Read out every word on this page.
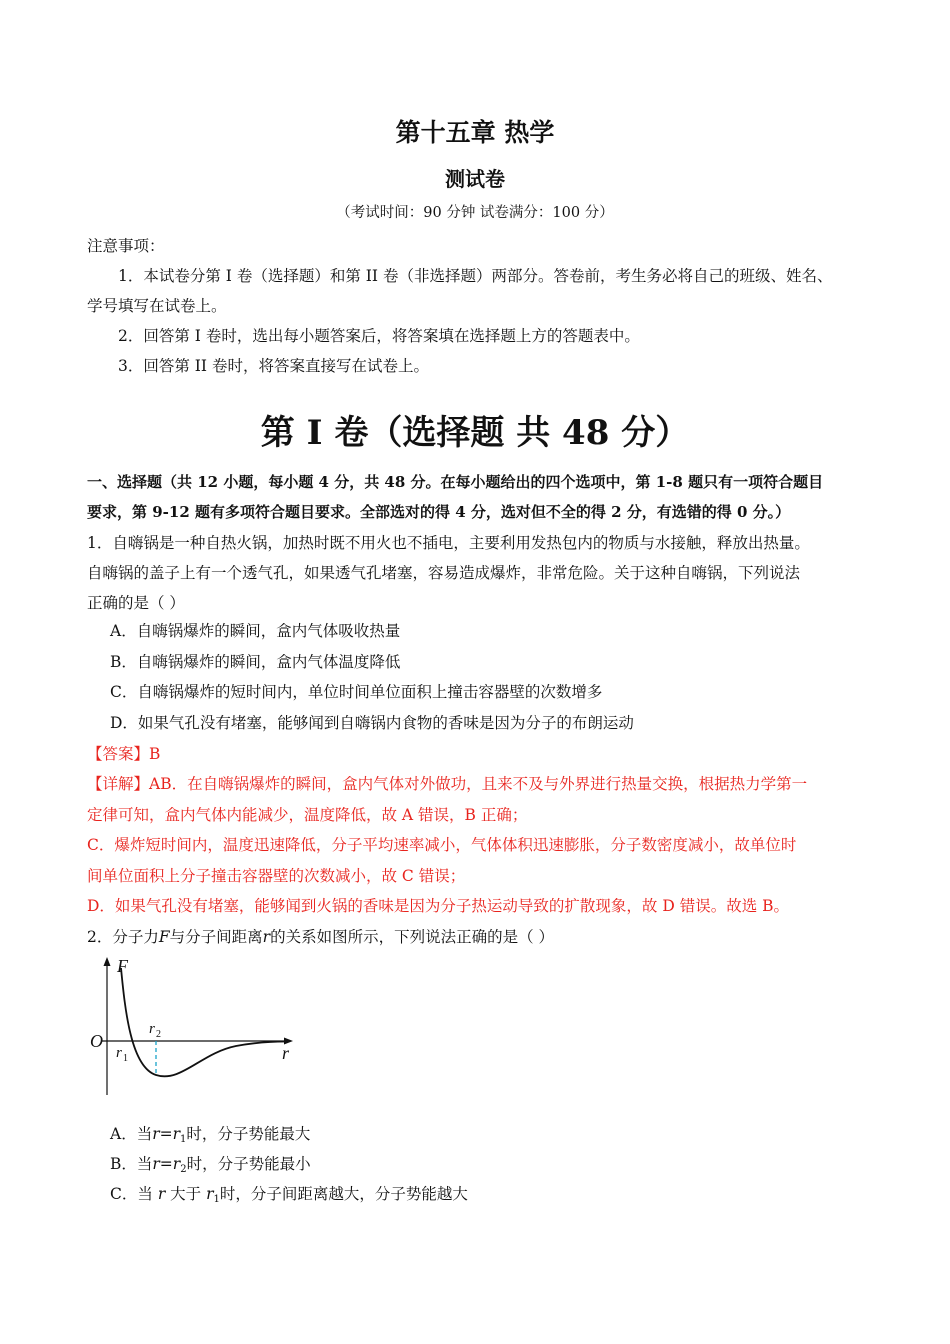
第十五章 热学
测试卷
（考试时间：90 分钟 试卷满分：100 分）
注意事项：
1．本试卷分第 I 卷（选择题）和第 II 卷（非选择题）两部分。答卷前，考生务必将自己的班级、姓名、
学号填写在试卷上。
2．回答第 I 卷时，选出每小题答案后，将答案填在选择题上方的答题表中。
3．回答第 II 卷时，将答案直接写在试卷上。
第 I 卷（选择题 共 48 分）
一、选择题（共 12 小题，每小题 4 分，共 48 分。在每小题给出的四个选项中，第 1-8 题只有一项符合题目
要求，第 9-12 题有多项符合题目要求。全部选对的得 4 分，选对但不全的得 2 分，有选错的得 0 分。）
1．自嗨锅是一种自热火锅，加热时既不用火也不插电，主要利用发热包内的物质与水接触，释放出热量。
自嗨锅的盖子上有一个透气孔，如果透气孔堵塞，容易造成爆炸，非常危险。关于这种自嗨锅，下列说法
正确的是（ ）
A．自嗨锅爆炸的瞬间，盒内气体吸收热量
B．自嗨锅爆炸的瞬间，盒内气体温度降低
C．自嗨锅爆炸的短时间内，单位时间单位面积上撞击容器壁的次数增多
D．如果气孔没有堵塞，能够闻到自嗨锅内食物的香味是因为分子的布朗运动
【答案】B
【详解】AB．在自嗨锅爆炸的瞬间，盒内气体对外做功，且来不及与外界进行热量交换，根据热力学第一
定律可知，盒内气体内能减少，温度降低，故 A 错误，B 正确；
C．爆炸短时间内，温度迅速降低，分子平均速率减小，气体体积迅速膨胀，分子数密度减小，故单位时
间单位面积上分子撞击容器壁的次数减小，故 C 错误；
D．如果气孔没有堵塞，能够闻到火锅的香味是因为分子热运动导致的扩散现象，故 D 错误。故选 B。
2．分子力F与分子间距离r的关系如图所示，下列说法正确的是（ ）
F
O
r
r 1
r 2
A．当$r=r_1$时，分子势能最大
B．当$r=r_2$时，分子势能最小
C．当 r 大于 $r_1$时，分子间距离越大，分子势能越大
